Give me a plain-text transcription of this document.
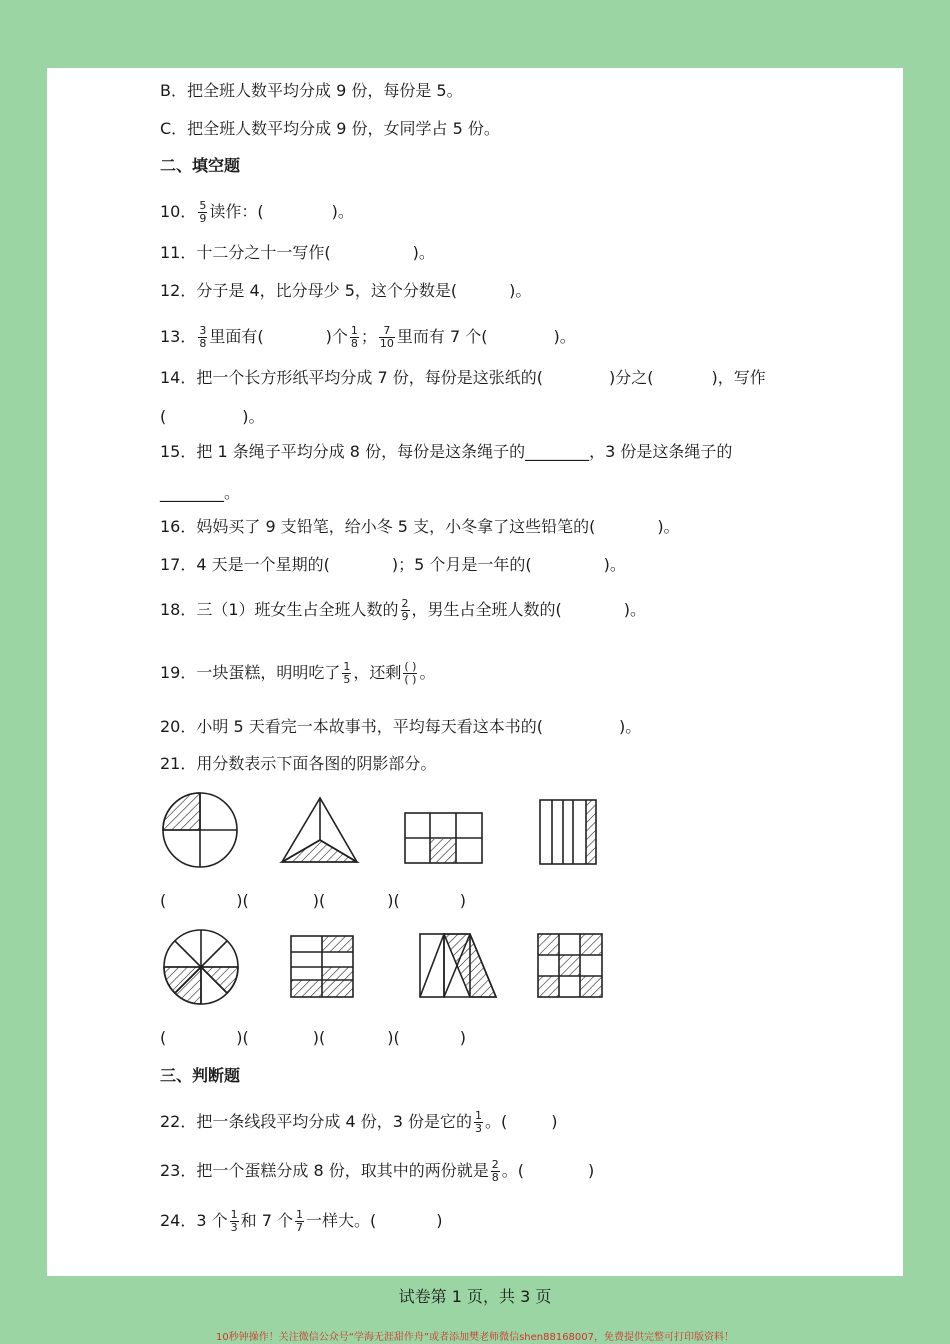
B．把全班人数平均分成 9 份，每份是 5。
C．把全班人数平均分成 9 份，女同学占 5 份。
二、填空题
10． $\frac{5}{9}$ 读作：(	)。
11．十二分之十一写作(	)。
12．分子是 4，比分母少 5，这个分数是(	)。
13． $\frac{3}{8}$ 里面有(	)个 $\frac{1}{8}$ ； $\frac{7}{10}$ 里而有 7 个(	)。
14．把一个长方形纸平均分成 7 份，每份是这张纸的(	)分之(	)，写作
(	)。
15．把 1 条绳子平均分成 8 份，每份是这条绳子的________，3 份是这条绳子的
________。
16．妈妈买了 9 支铅笔，给小冬 5 支，小冬拿了这些铅笔的(	)。
17．4 天是一个星期的(	)；5 个月是一年的(	)。
18．三（1）班女生占全班人数的 $\frac{2}{9}$ ，男生占全班人数的(	)。
19．一块蛋糕，明明吃了 $\frac{1}{5}$ ，还剩 $\frac{( )}{( )}$ 。
20．小明 5 天看完一本故事书，平均每天看这本书的(	)。
21．用分数表示下面各图的阴影部分。
(	)(	)(	)(	)
(	)(	)(	)(	)
三、判断题
22．把一条线段平均分成 4 份，3 份是它的 $\frac{1}{3}$ 。(	)
23．把一个蛋糕分成 8 份，取其中的两份就是 $\frac{2}{8}$ 。(	)
24．3 个 $\frac{1}{3}$ 和 7 个 $\frac{1}{7}$ 一样大。(	)
试卷第 1 页，共 3 页
10秒钟操作！关注微信公众号“学海无涯甜作舟”或者添加樊老师微信shen88168007，免费提供完整可打印版资料！
